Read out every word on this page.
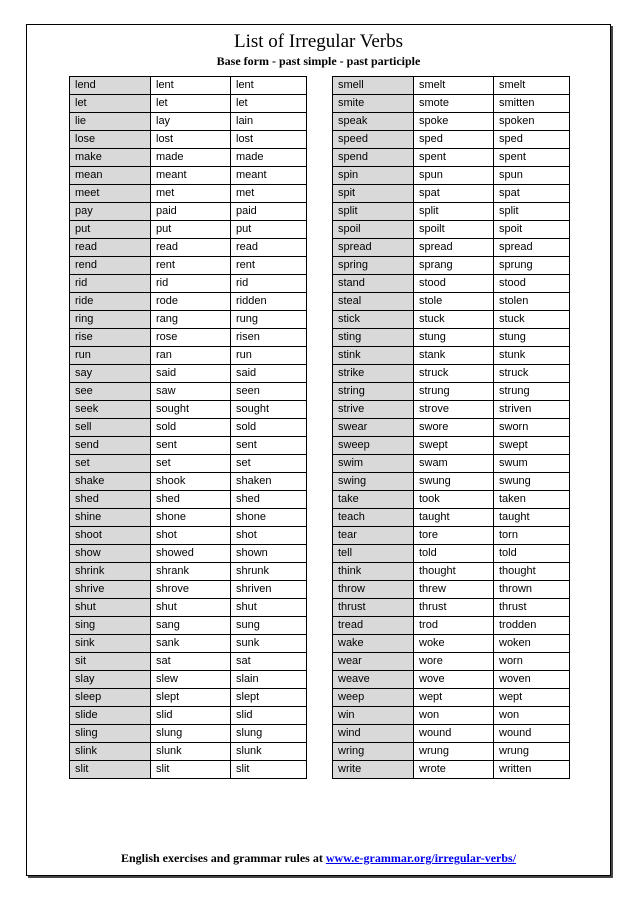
List of Irregular Verbs
Base form - past simple - past participle
lend	lent	lent
let	let	let
lie	lay	lain
lose	lost	lost
make	made	made
mean	meant	meant
meet	met	met
pay	paid	paid
put	put	put
read	read	read
rend	rent	rent
rid	rid	rid
ride	rode	ridden
ring	rang	rung
rise	rose	risen
run	ran	run
say	said	said
see	saw	seen
seek	sought	sought
sell	sold	sold
send	sent	sent
set	set	set
shake	shook	shaken
shed	shed	shed
shine	shone	shone
shoot	shot	shot
show	showed	shown
shrink	shrank	shrunk
shrive	shrove	shriven
shut	shut	shut
sing	sang	sung
sink	sank	sunk
sit	sat	sat
slay	slew	slain
sleep	slept	slept
slide	slid	slid
sling	slung	slung
slink	slunk	slunk
slit	slit	slit
smell	smelt	smelt
smite	smote	smitten
speak	spoke	spoken
speed	sped	sped
spend	spent	spent
spin	spun	spun
spit	spat	spat
split	split	split
spoil	spoilt	spoit
spread	spread	spread
spring	sprang	sprung
stand	stood	stood
steal	stole	stolen
stick	stuck	stuck
sting	stung	stung
stink	stank	stunk
strike	struck	struck
string	strung	strung
strive	strove	striven
swear	swore	sworn
sweep	swept	swept
swim	swam	swum
swing	swung	swung
take	took	taken
teach	taught	taught
tear	tore	torn
tell	told	told
think	thought	thought
throw	threw	thrown
thrust	thrust	thrust
tread	trod	trodden
wake	woke	woken
wear	wore	worn
weave	wove	woven
weep	wept	wept
win	won	won
wind	wound	wound
wring	wrung	wrung
write	wrote	written
English exercises and grammar rules at www.e-grammar.org/irregular-verbs/
